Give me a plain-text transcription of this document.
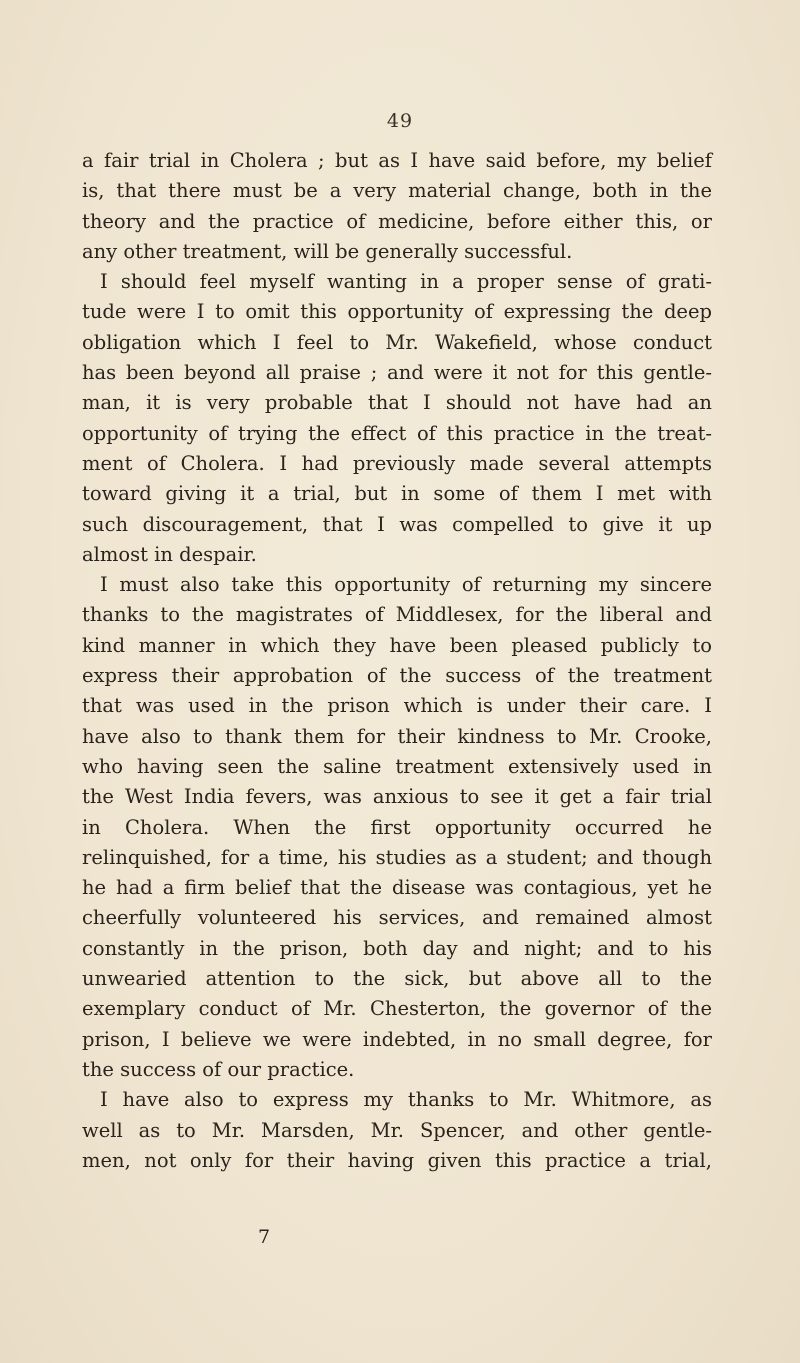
49
a fair trial in Cholera ; but as I have said before, my belief
is, that there must be a very material change, both in the
theory and the practice of medicine, before either this, or
any other treatment, will be generally successful.
I should feel myself wanting in a proper sense of grati-
tude were I to omit this opportunity of expressing the deep
obligation which I feel to Mr. Wakefield, whose conduct
has been beyond all praise ; and were it not for this gentle-
man, it is very probable that I should not have had an
opportunity of trying the effect of this practice in the treat-
ment of Cholera. I had previously made several attempts
toward giving it a trial, but in some of them I met with
such discouragement, that I was compelled to give it up
almost in despair.
I must also take this opportunity of returning my sincere
thanks to the magistrates of Middlesex, for the liberal and
kind manner in which they have been pleased publicly to
express their approbation of the success of the treatment
that was used in the prison which is under their care. I
have also to thank them for their kindness to Mr. Crooke,
who having seen the saline treatment extensively used in
the West India fevers, was anxious to see it get a fair trial
in Cholera. When the first opportunity occurred he
relinquished, for a time, his studies as a student; and though
he had a firm belief that the disease was contagious, yet he
cheerfully volunteered his services, and remained almost
constantly in the prison, both day and night; and to his
unwearied attention to the sick, but above all to the
exemplary conduct of Mr. Chesterton, the governor of the
prison, I believe we were indebted, in no small degree, for
the success of our practice.
I have also to express my thanks to Mr. Whitmore, as
well as to Mr. Marsden, Mr. Spencer, and other gentle-
men, not only for their having given this practice a trial,
7
